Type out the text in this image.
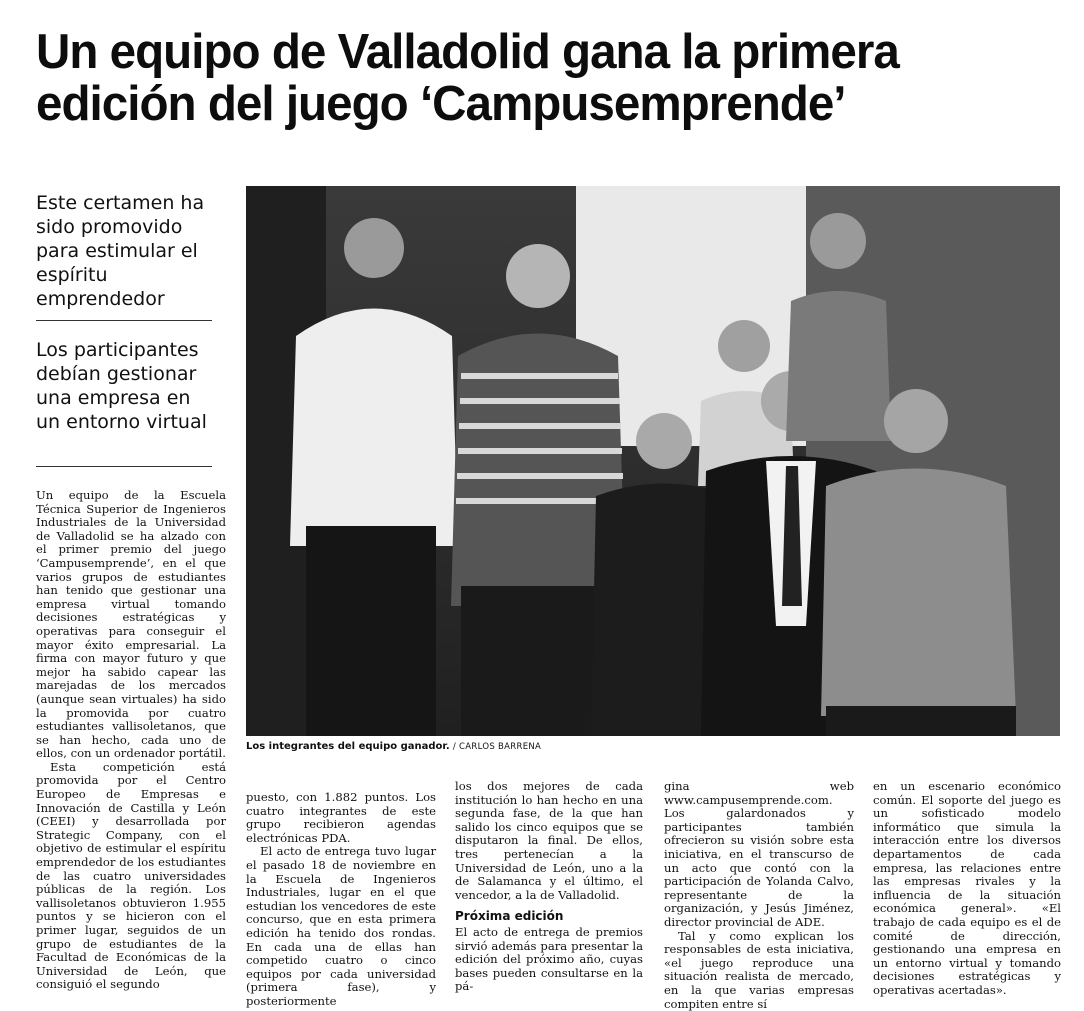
Un equipo de Valladolid gana la primera edición del juego ‘Campusemprende’

Este certamen ha sido promovido para estimular el espíritu emprendedor

Los participantes debían gestionar una empresa en un entorno virtual

Los integrantes del equipo ganador. / CARLOS BARRENA

Un equipo de la Escuela Técnica Superior de Ingenieros Industriales de la Universidad de Valladolid se ha alzado con el primer premio del juego ‘Campusemprende’, en el que varios grupos de estudiantes han tenido que gestionar una empresa virtual tomando decisiones estratégicas y operativas para conseguir el mayor éxito empresarial. La firma con mayor futuro y que mejor ha sabido capear las marejadas de los mercados (aunque sean virtuales) ha sido la promovida por cuatro estudiantes vallisoletanos, que se han hecho, cada uno de ellos, con un ordenador portátil.

Esta competición está promovida por el Centro Europeo de Empresas e Innovación de Castilla y León (CEEI) y desarrollada por Strategic Company, con el objetivo de estimular el espíritu emprendedor de los estudiantes de las cuatro universidades públicas de la región. Los vallisoletanos obtuvieron 1.955 puntos y se hicieron con el primer lugar, seguidos de un grupo de estudiantes de la Facultad de Económicas de la Universidad de León, que consiguió el segundo

puesto, con 1.882 puntos. Los cuatro integrantes de este grupo recibieron agendas electrónicas PDA.

El acto de entrega tuvo lugar el pasado 18 de noviembre en la Escuela de Ingenieros Industriales, lugar en el que estudian los vencedores de este concurso, que en esta primera edición ha tenido dos rondas. En cada una de ellas han competido cuatro o cinco equipos por cada universidad (primera fase), y posteriormente

los dos mejores de cada institución lo han hecho en una segunda fase, de la que han salido los cinco equipos que se disputaron la final. De ellos, tres pertenecían a la Universidad de León, uno a la de Salamanca y el último, el vencedor, a la de Valladolid.

Próxima edición

El acto de entrega de premios sirvió además para presentar la edición del próximo año, cuyas bases pueden consultarse en la pá-

gina web www.campusemprende.com. Los galardonados y participantes también ofrecieron su visión sobre esta iniciativa, en el transcurso de un acto que contó con la participación de Yolanda Calvo, representante de la organización, y Jesús Jiménez, director provincial de ADE.

Tal y como explican los responsables de esta iniciativa, «el juego reproduce una situación realista de mercado, en la que varias empresas compiten entre sí

en un escenario económico común. El soporte del juego es un sofisticado modelo informático que simula la interacción entre los diversos departamentos de cada empresa, las relaciones entre las empresas rivales y la influencia de la situación económica general». «El trabajo de cada equipo es el de comité de dirección, gestionando una empresa en un entorno virtual y tomando decisiones estratégicas y operativas acertadas».
